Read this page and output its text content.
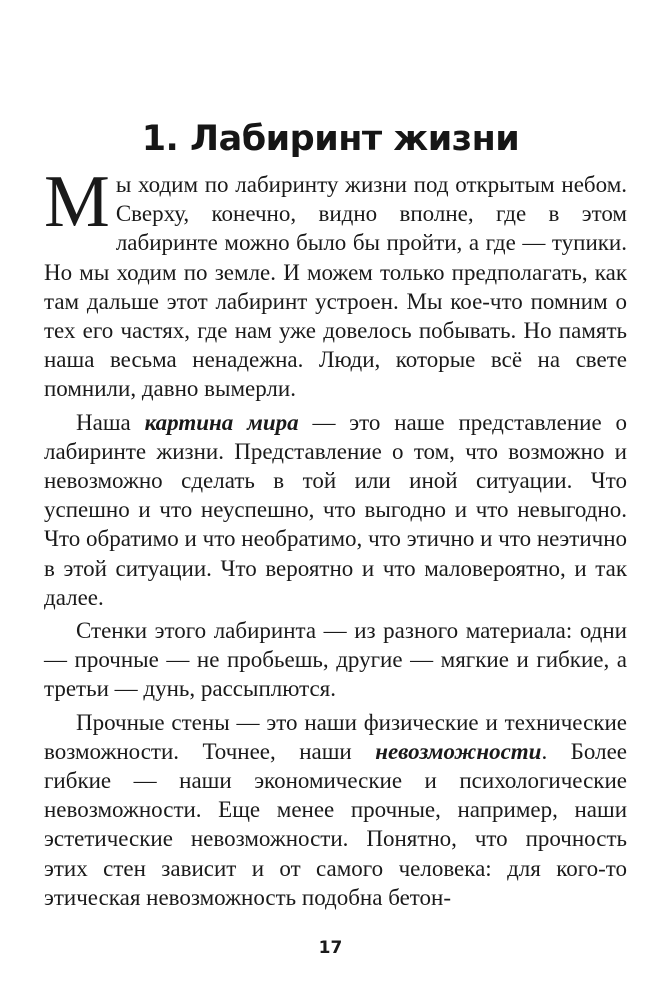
1. Лабиринт жизни

Мы ходим по лабиринту жизни под открытым небом. Сверху, конечно, видно вполне, где в этом лабиринте можно было бы пройти, а где — тупики. Но мы ходим по земле. И можем только предполагать, как там дальше этот лабиринт устроен. Мы кое-что помним о тех его частях, где нам уже довелось побывать. Но память наша весьма ненадежна. Люди, которые всё на свете помнили, давно вымерли.

Наша картина мира — это наше представление о лабиринте жизни. Представление о том, что возможно и невозможно сделать в той или иной ситуации. Что успешно и что неуспешно, что выгодно и что невыгодно. Что обратимо и что необратимо, что этично и что неэтично в этой ситуации. Что вероятно и что маловероятно, и так далее.

Стенки этого лабиринта — из разного материала: одни — прочные — не пробьешь, другие — мягкие и гибкие, а третьи — дунь, рассыплются.

Прочные стены — это наши физические и технические возможности. Точнее, наши невозможности. Более гибкие — наши экономические и психологические невозможности. Еще менее прочные, например, наши эстетические невозможности. Понятно, что прочность этих стен зависит и от самого человека: для кого-то этическая невозможность подобна бетон-

17
